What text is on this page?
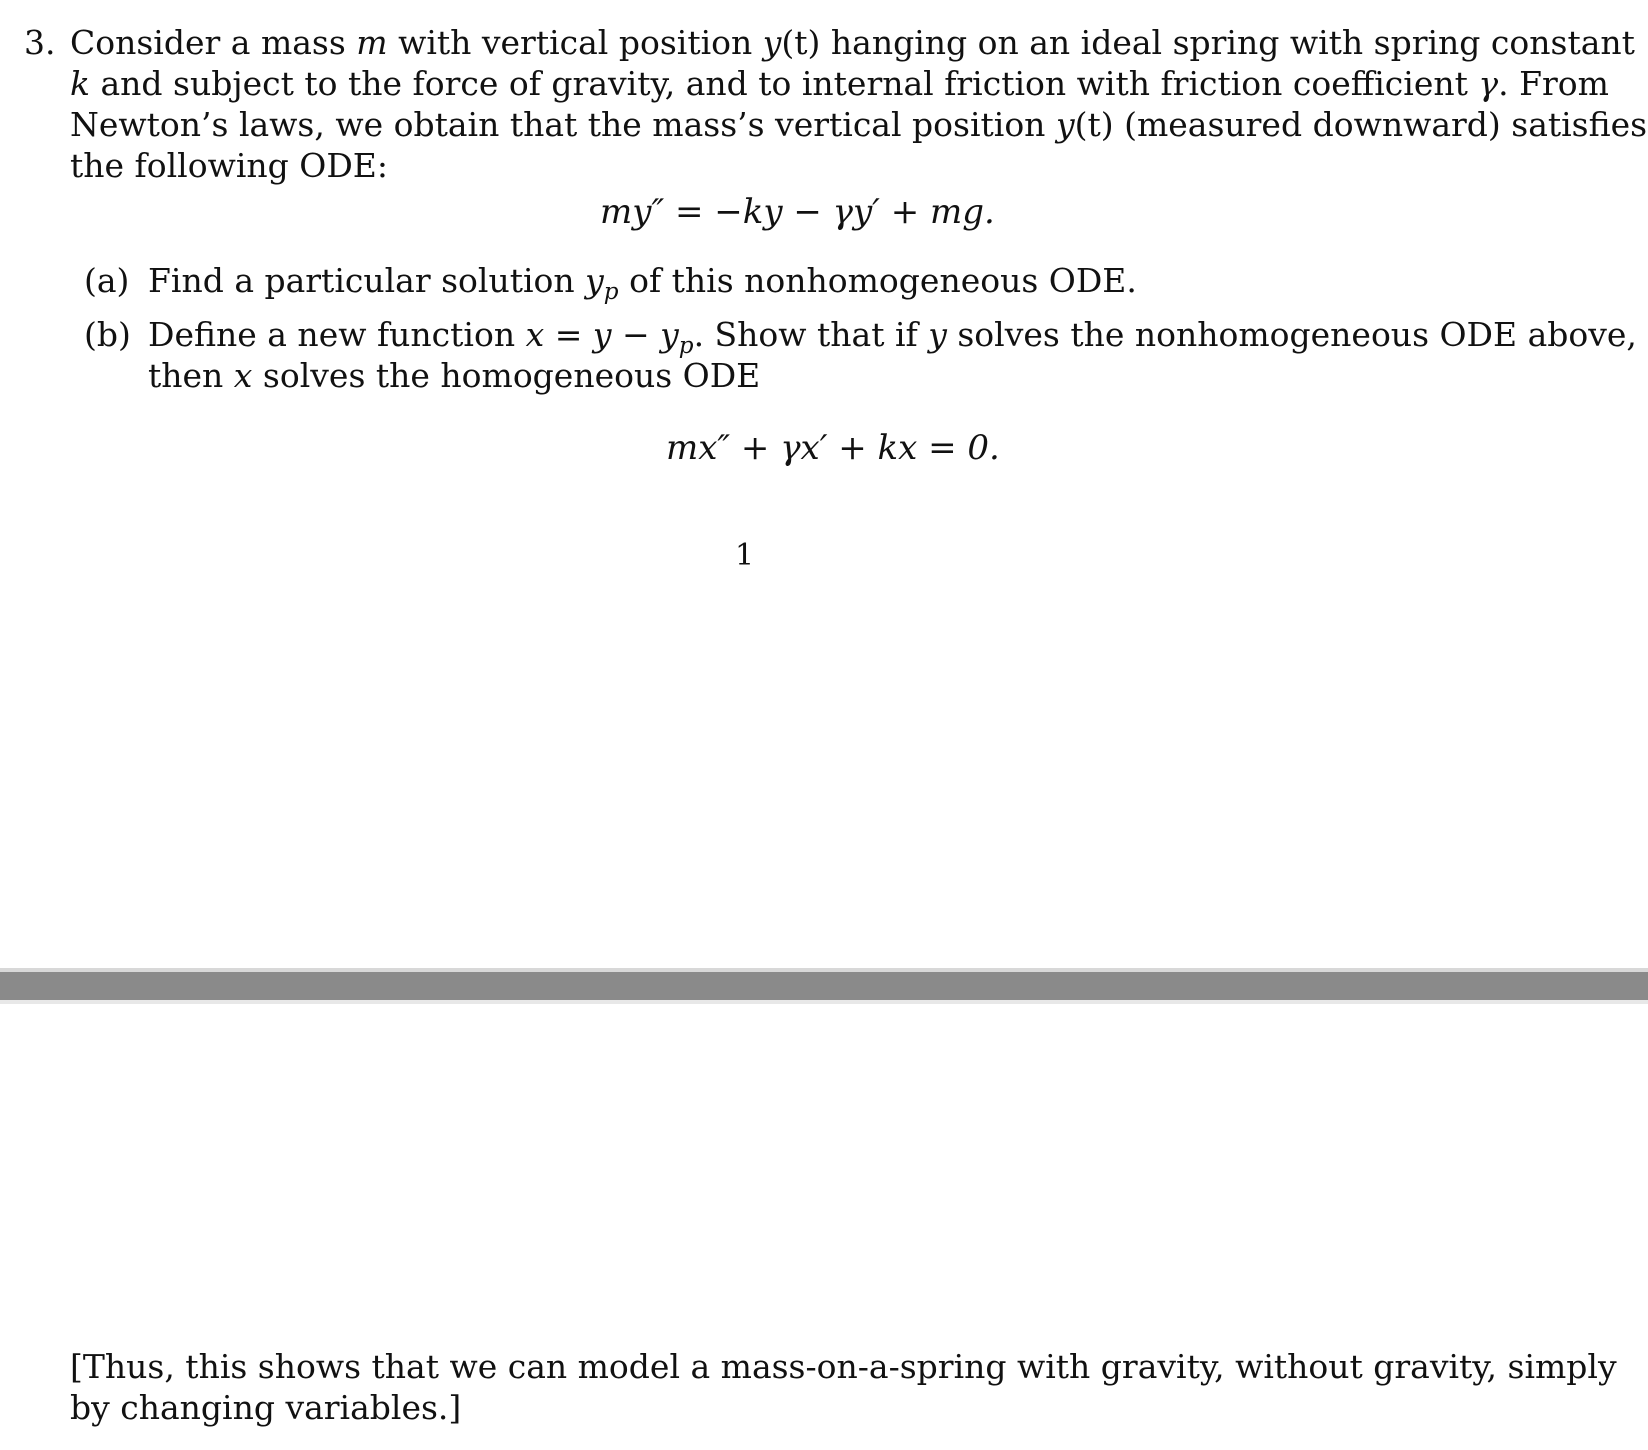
3. Consider a mass m with vertical position y(t) hanging on an ideal spring with spring constant
k and subject to the force of gravity, and to internal friction with friction coefficient γ. From
Newton’s laws, we obtain that the mass’s vertical position y(t) (measured downward) satisfies
the following ODE:
my″ = −ky − γy′ + mg.
(a) Find a particular solution $y_p$ of this nonhomogeneous ODE.
(b) Define a new function $x = y - y_p$. Show that if y solves the nonhomogeneous ODE above,
then x solves the homogeneous ODE
mx″ + γx′ + kx = 0.
1
[Thus, this shows that we can model a mass-on-a-spring with gravity, without gravity, simply
by changing variables.]
